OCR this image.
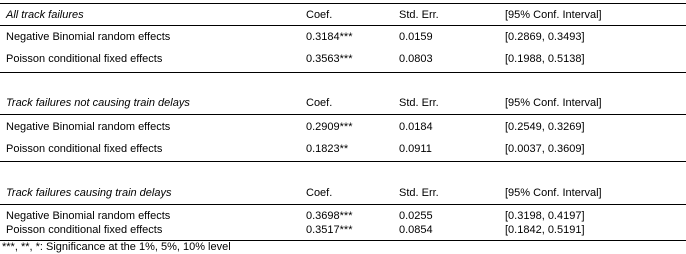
All track failures	Coef.	Std. Err.	[95% Conf. Interval]
Negative Binomial random effects	0.3184***	0.0159	[0.2869, 0.3493]
Poisson conditional fixed effects	0.3563***	0.0803	[0.1988, 0.5138]
Track failures not causing train delays	Coef.	Std. Err.	[95% Conf. Interval]
Negative Binomial random effects	0.2909***	0.0184	[0.2549, 0.3269]
Poisson conditional fixed effects	0.1823**	0.0911	[0.0037, 0.3609]
Track failures causing train delays	Coef.	Std. Err.	[95% Conf. Interval]
Negative Binomial random effects	0.3698***	0.0255	[0.3198, 0.4197]
Poisson conditional fixed effects	0.3517***	0.0854	[0.1842, 0.5191]
***, **, *: Significance at the 1%, 5%, 10% level
